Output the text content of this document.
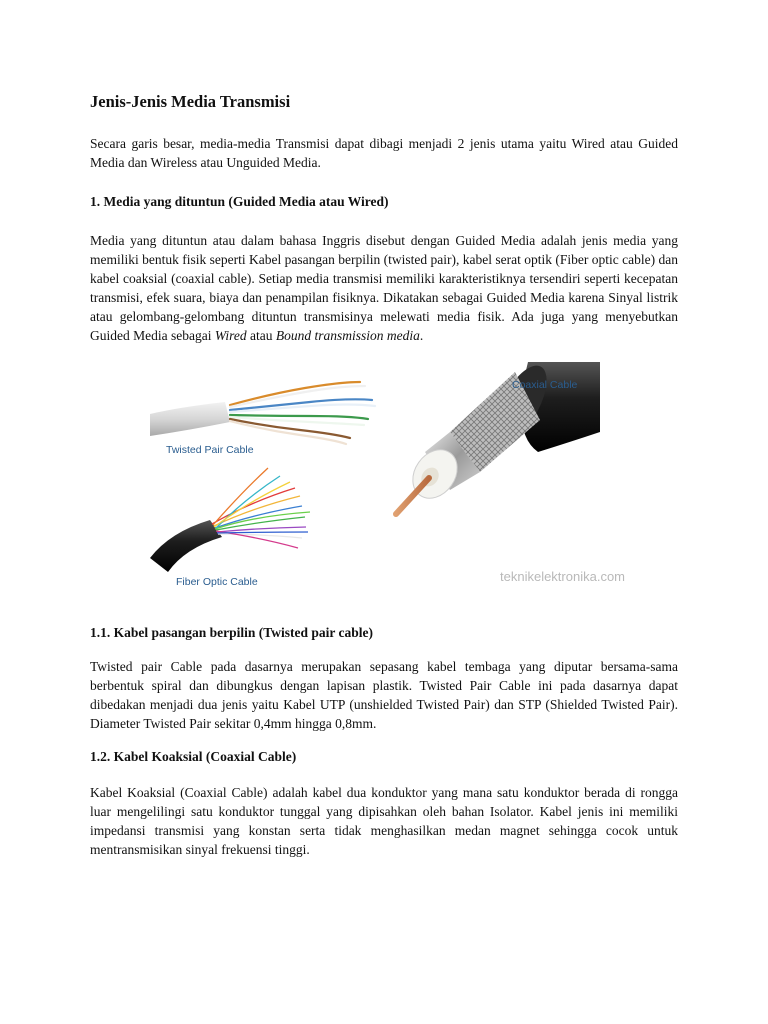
Jenis-Jenis Media Transmisi

Secara garis besar, media-media Transmisi dapat dibagi menjadi 2 jenis utama yaitu Wired atau Guided Media dan Wireless atau Unguided Media.

1. Media yang dituntun (Guided Media atau Wired)

Media yang dituntun atau dalam bahasa Inggris disebut dengan Guided Media adalah jenis media yang memiliki bentuk fisik seperti Kabel pasangan berpilin (twisted pair), kabel serat optik (Fiber optic cable) dan kabel coaksial (coaxial cable). Setiap media transmisi memiliki karakteristiknya tersendiri seperti kecepatan transmisi, efek suara, biaya dan penampilan fisiknya. Dikatakan sebagai Guided Media karena Sinyal listrik atau gelombang-gelombang dituntun transmisinya melewati media fisik. Ada juga yang menyebutkan Guided Media sebagai Wired atau Bound transmission media.

Twisted Pair Cable
Fiber Optic Cable
Coaxial Cable
teknikelektronika.com
1.1. Kabel pasangan berpilin (Twisted pair cable)

Twisted pair Cable pada dasarnya merupakan sepasang kabel tembaga yang diputar bersama-sama berbentuk spiral dan dibungkus dengan lapisan plastik. Twisted Pair Cable ini pada dasarnya dapat dibedakan menjadi dua jenis yaitu Kabel UTP (unshielded Twisted Pair) dan STP (Shielded Twisted Pair). Diameter Twisted Pair sekitar 0,4mm hingga 0,8mm.

1.2. Kabel Koaksial (Coaxial Cable)

Kabel Koaksial (Coaxial Cable) adalah kabel dua konduktor yang mana satu konduktor berada di rongga luar mengelilingi satu konduktor tunggal yang dipisahkan oleh bahan Isolator. Kabel jenis ini memiliki impedansi transmisi yang konstan serta tidak menghasilkan medan magnet sehingga cocok untuk mentransmisikan sinyal frekuensi tinggi.
